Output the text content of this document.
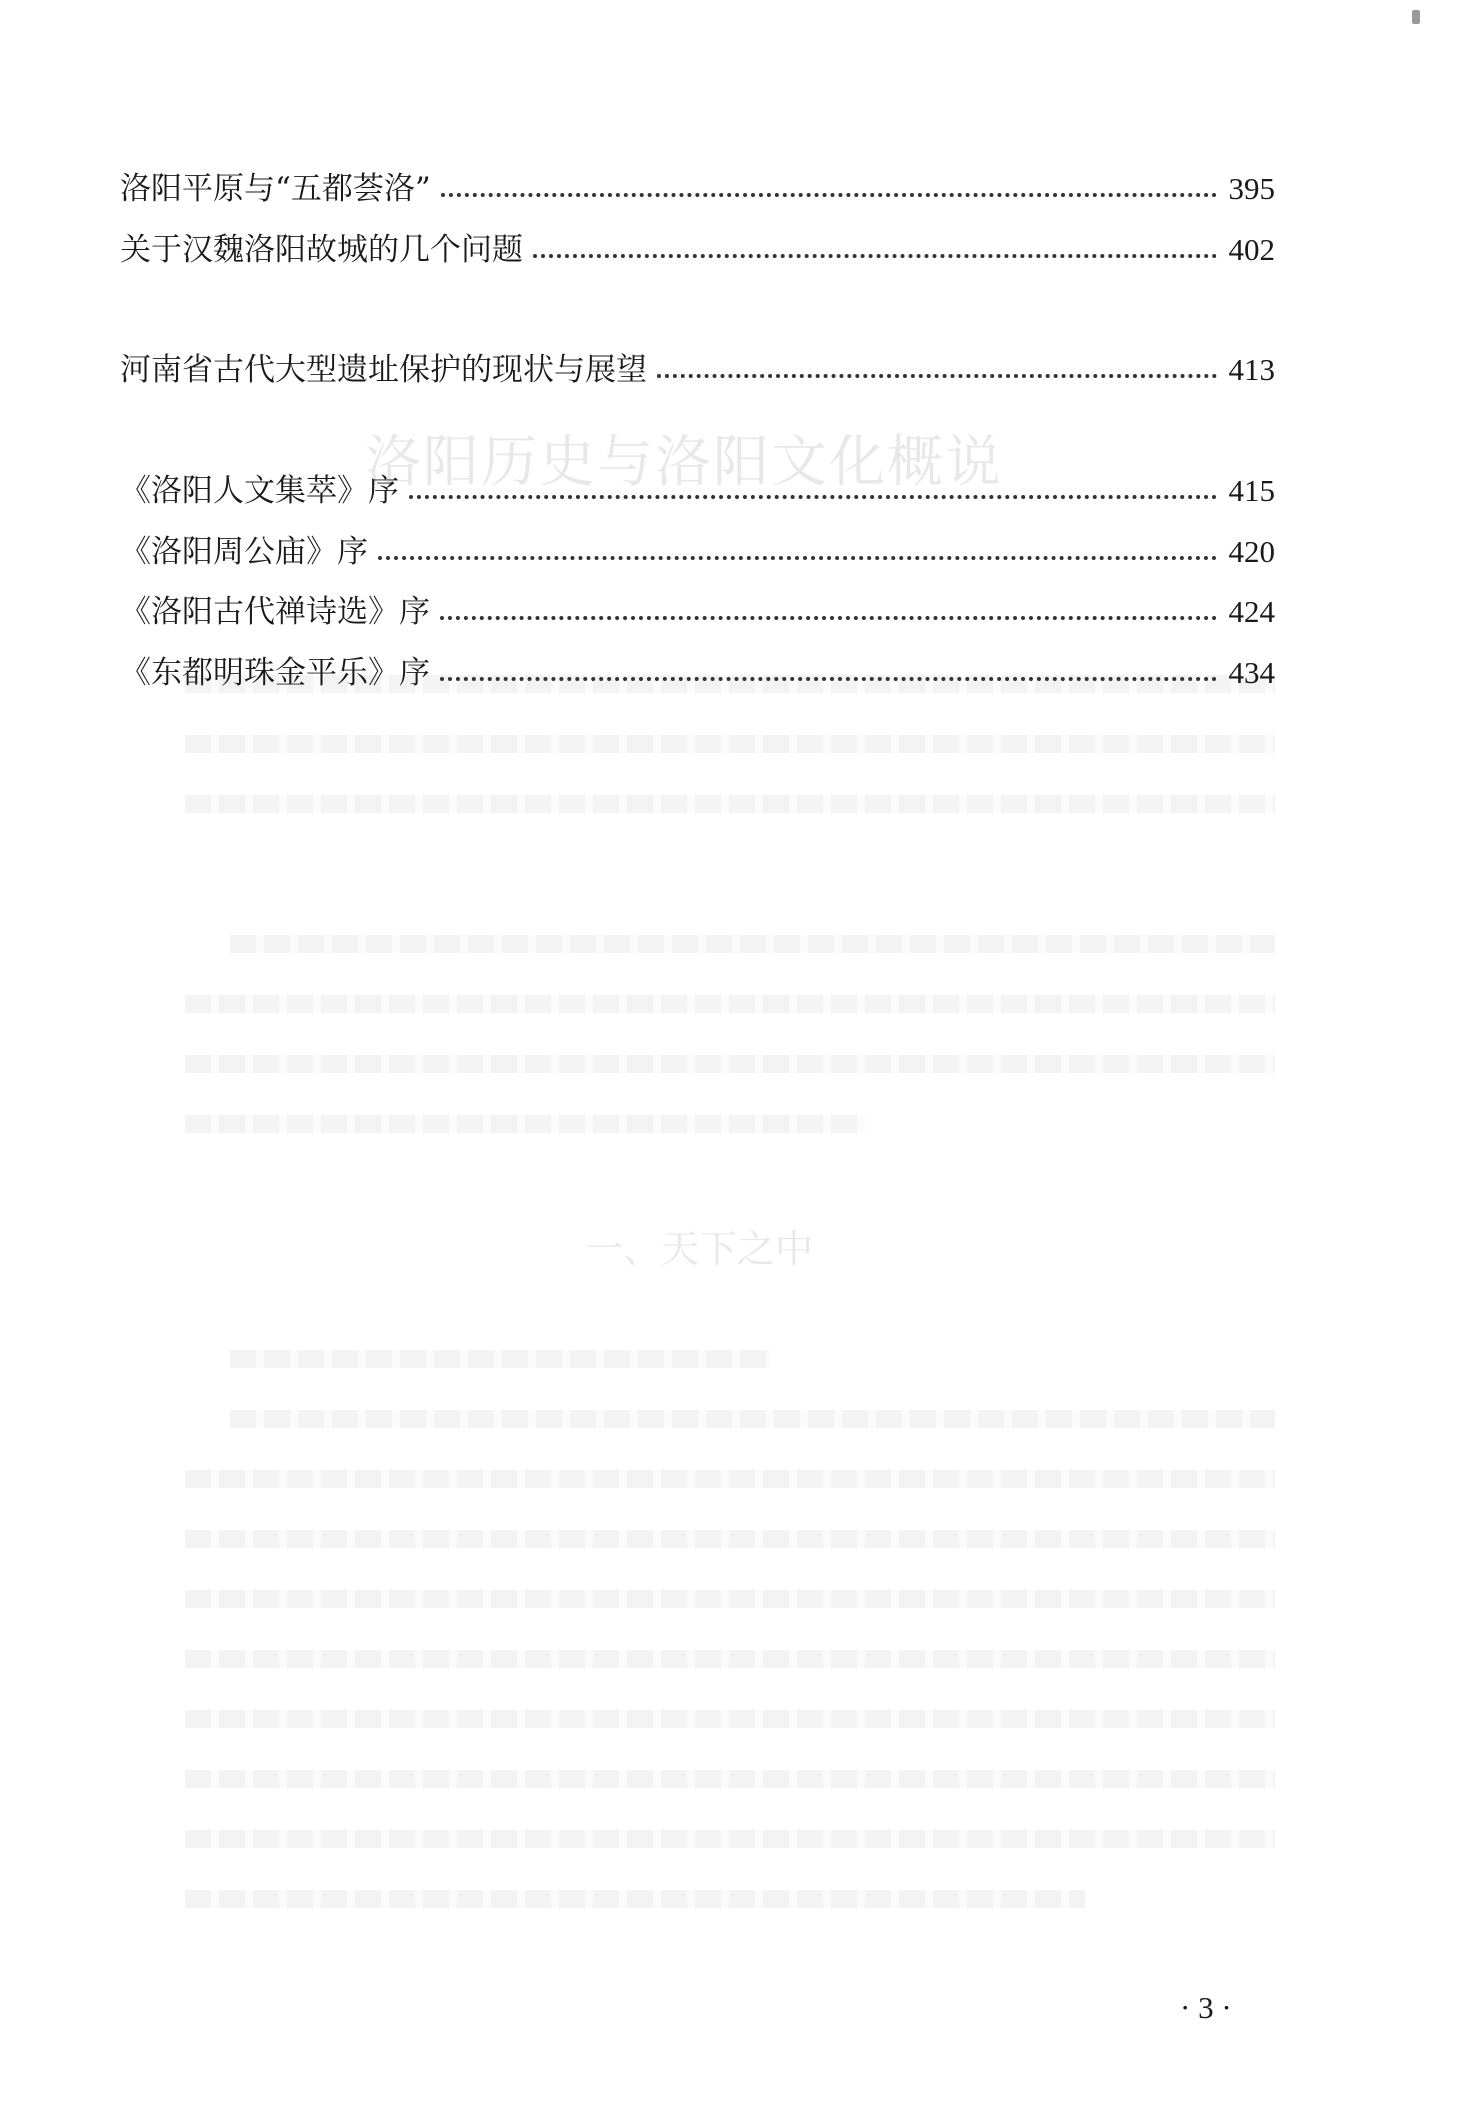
洛阳历史与洛阳文化概说
一、天下之中
洛阳平原与“五都荟洛”	395
关于汉魏洛阳故城的几个问题	402
河南省古代大型遗址保护的现状与展望	413
《洛阳人文集萃》序	415
《洛阳周公庙》序	420
《洛阳古代禅诗选》序	424
《东都明珠金平乐》序	434
· 3 ·
